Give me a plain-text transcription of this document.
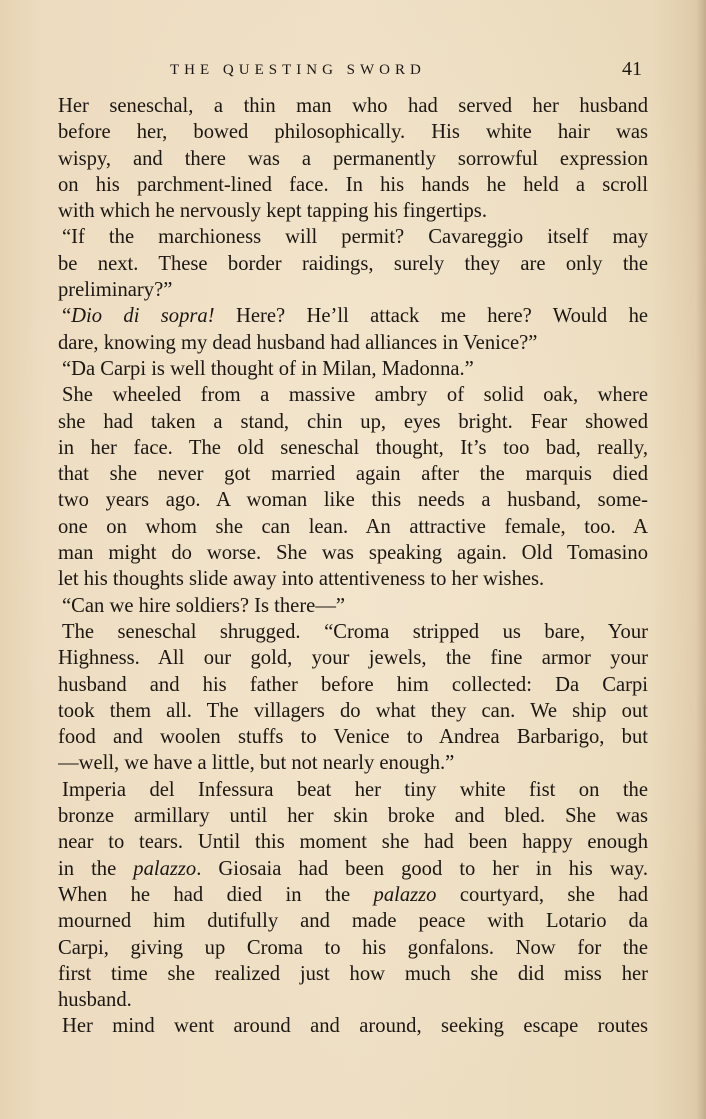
THE QUESTING SWORD	41
Her seneschal, a thin man who had served her husband
before her, bowed philosophically. His white hair was
wispy, and there was a permanently sorrowful expression
on his parchment-lined face. In his hands he held a scroll
with which he nervously kept tapping his fingertips.
“If the marchioness will permit? Cavareggio itself may
be next. These border raidings, surely they are only the
preliminary?”
“Dio di sopra! Here? He’ll attack me here? Would he
dare, knowing my dead husband had alliances in Venice?”
“Da Carpi is well thought of in Milan, Madonna.”
She wheeled from a massive ambry of solid oak, where
she had taken a stand, chin up, eyes bright. Fear showed
in her face. The old seneschal thought, It’s too bad, really,
that she never got married again after the marquis died
two years ago. A woman like this needs a husband, some-
one on whom she can lean. An attractive female, too. A
man might do worse. She was speaking again. Old Tomasino
let his thoughts slide away into attentiveness to her wishes.
“Can we hire soldiers? Is there—”
The seneschal shrugged. “Croma stripped us bare, Your
Highness. All our gold, your jewels, the fine armor your
husband and his father before him collected: Da Carpi
took them all. The villagers do what they can. We ship out
food and woolen stuffs to Venice to Andrea Barbarigo, but
—well, we have a little, but not nearly enough.”
Imperia del Infessura beat her tiny white fist on the
bronze armillary until her skin broke and bled. She was
near to tears. Until this moment she had been happy enough
in the palazzo. Giosaia had been good to her in his way.
When he had died in the palazzo courtyard, she had
mourned him dutifully and made peace with Lotario da
Carpi, giving up Croma to his gonfalons. Now for the
first time she realized just how much she did miss her
husband.
Her mind went around and around, seeking escape routes
